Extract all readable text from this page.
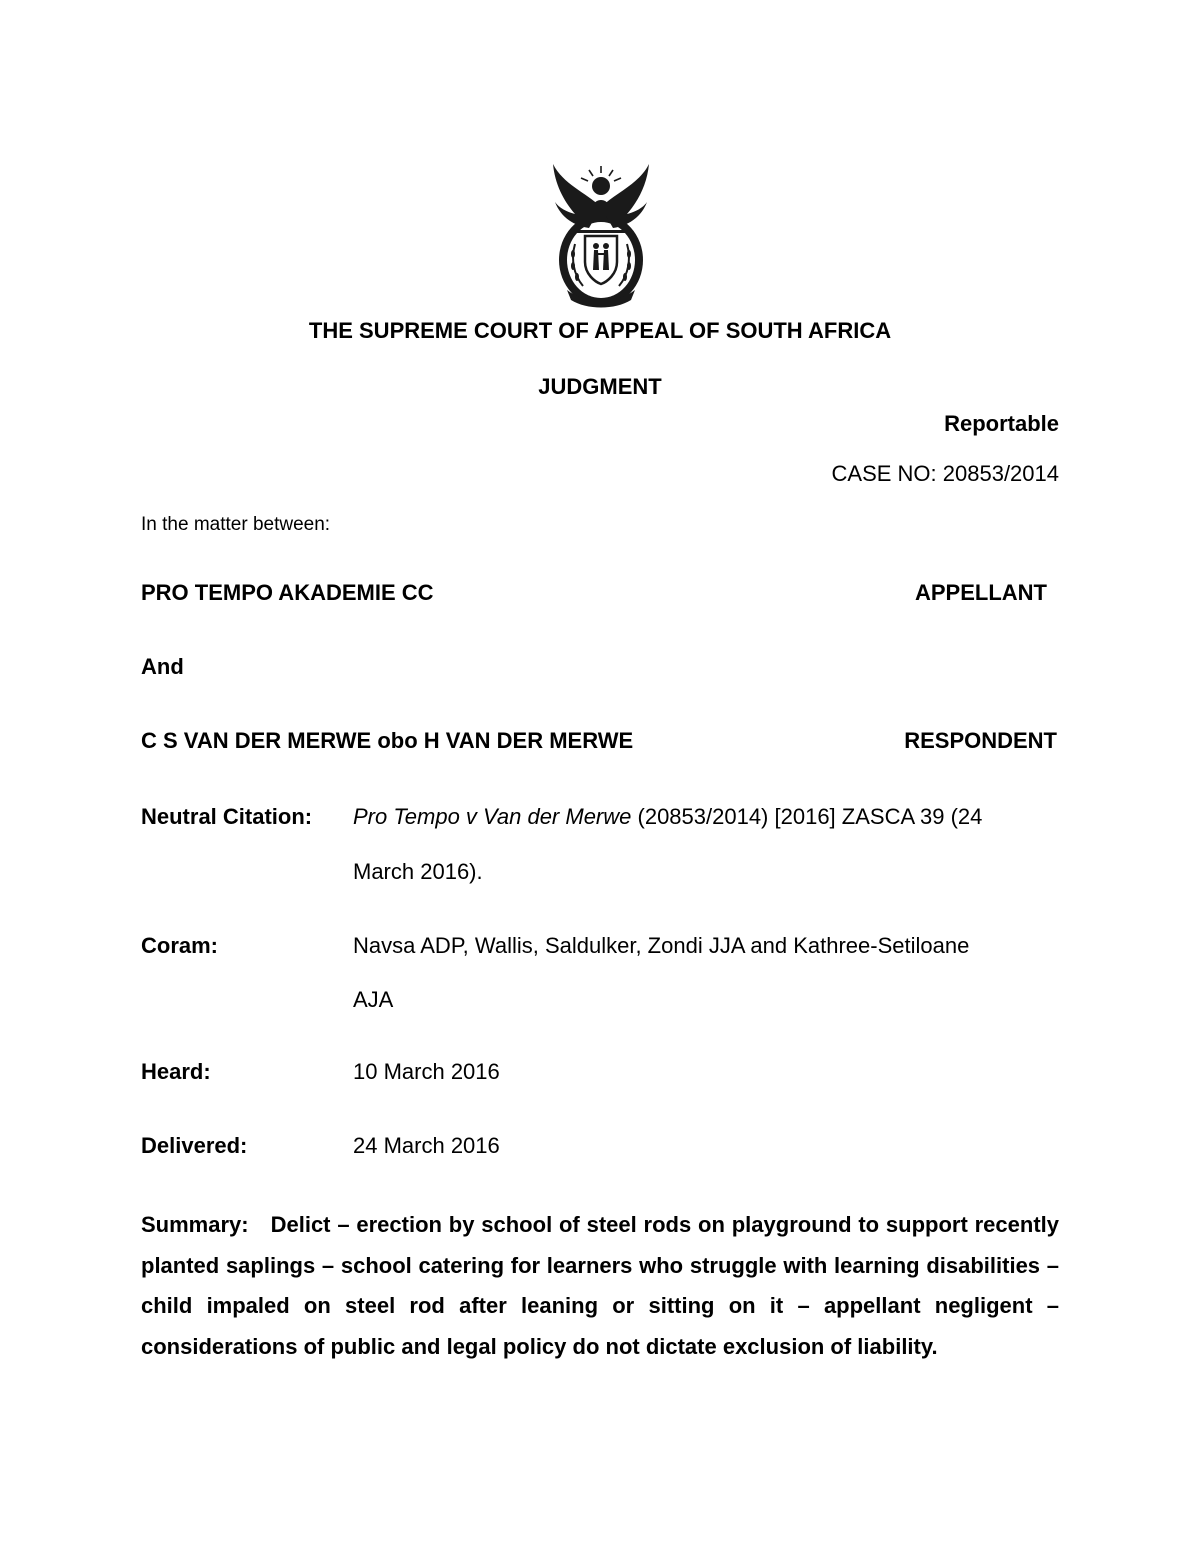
THE SUPREME COURT OF APPEAL OF SOUTH AFRICA
JUDGMENT
Reportable
CASE NO: 20853/2014
In the matter between:
PRO TEMPO AKADEMIE CC	APPELLANT
And
C S VAN DER MERWE obo H VAN DER MERWE	RESPONDENT
Neutral Citation: Pro Tempo v Van der Merwe (20853/2014) [2016] ZASCA 39 (24
March 2016).
Coram:	Navsa ADP, Wallis, Saldulker, Zondi JJA and Kathree-Setiloane
AJA
Heard:	10 March 2016
Delivered:	24 March 2016
Summary: Delict – erection by school of steel rods on playground to support recently planted saplings – school catering for learners who struggle with learning disabilities – child impaled on steel rod after leaning or sitting on it – appellant negligent – considerations of public and legal policy do not dictate exclusion of liability.
